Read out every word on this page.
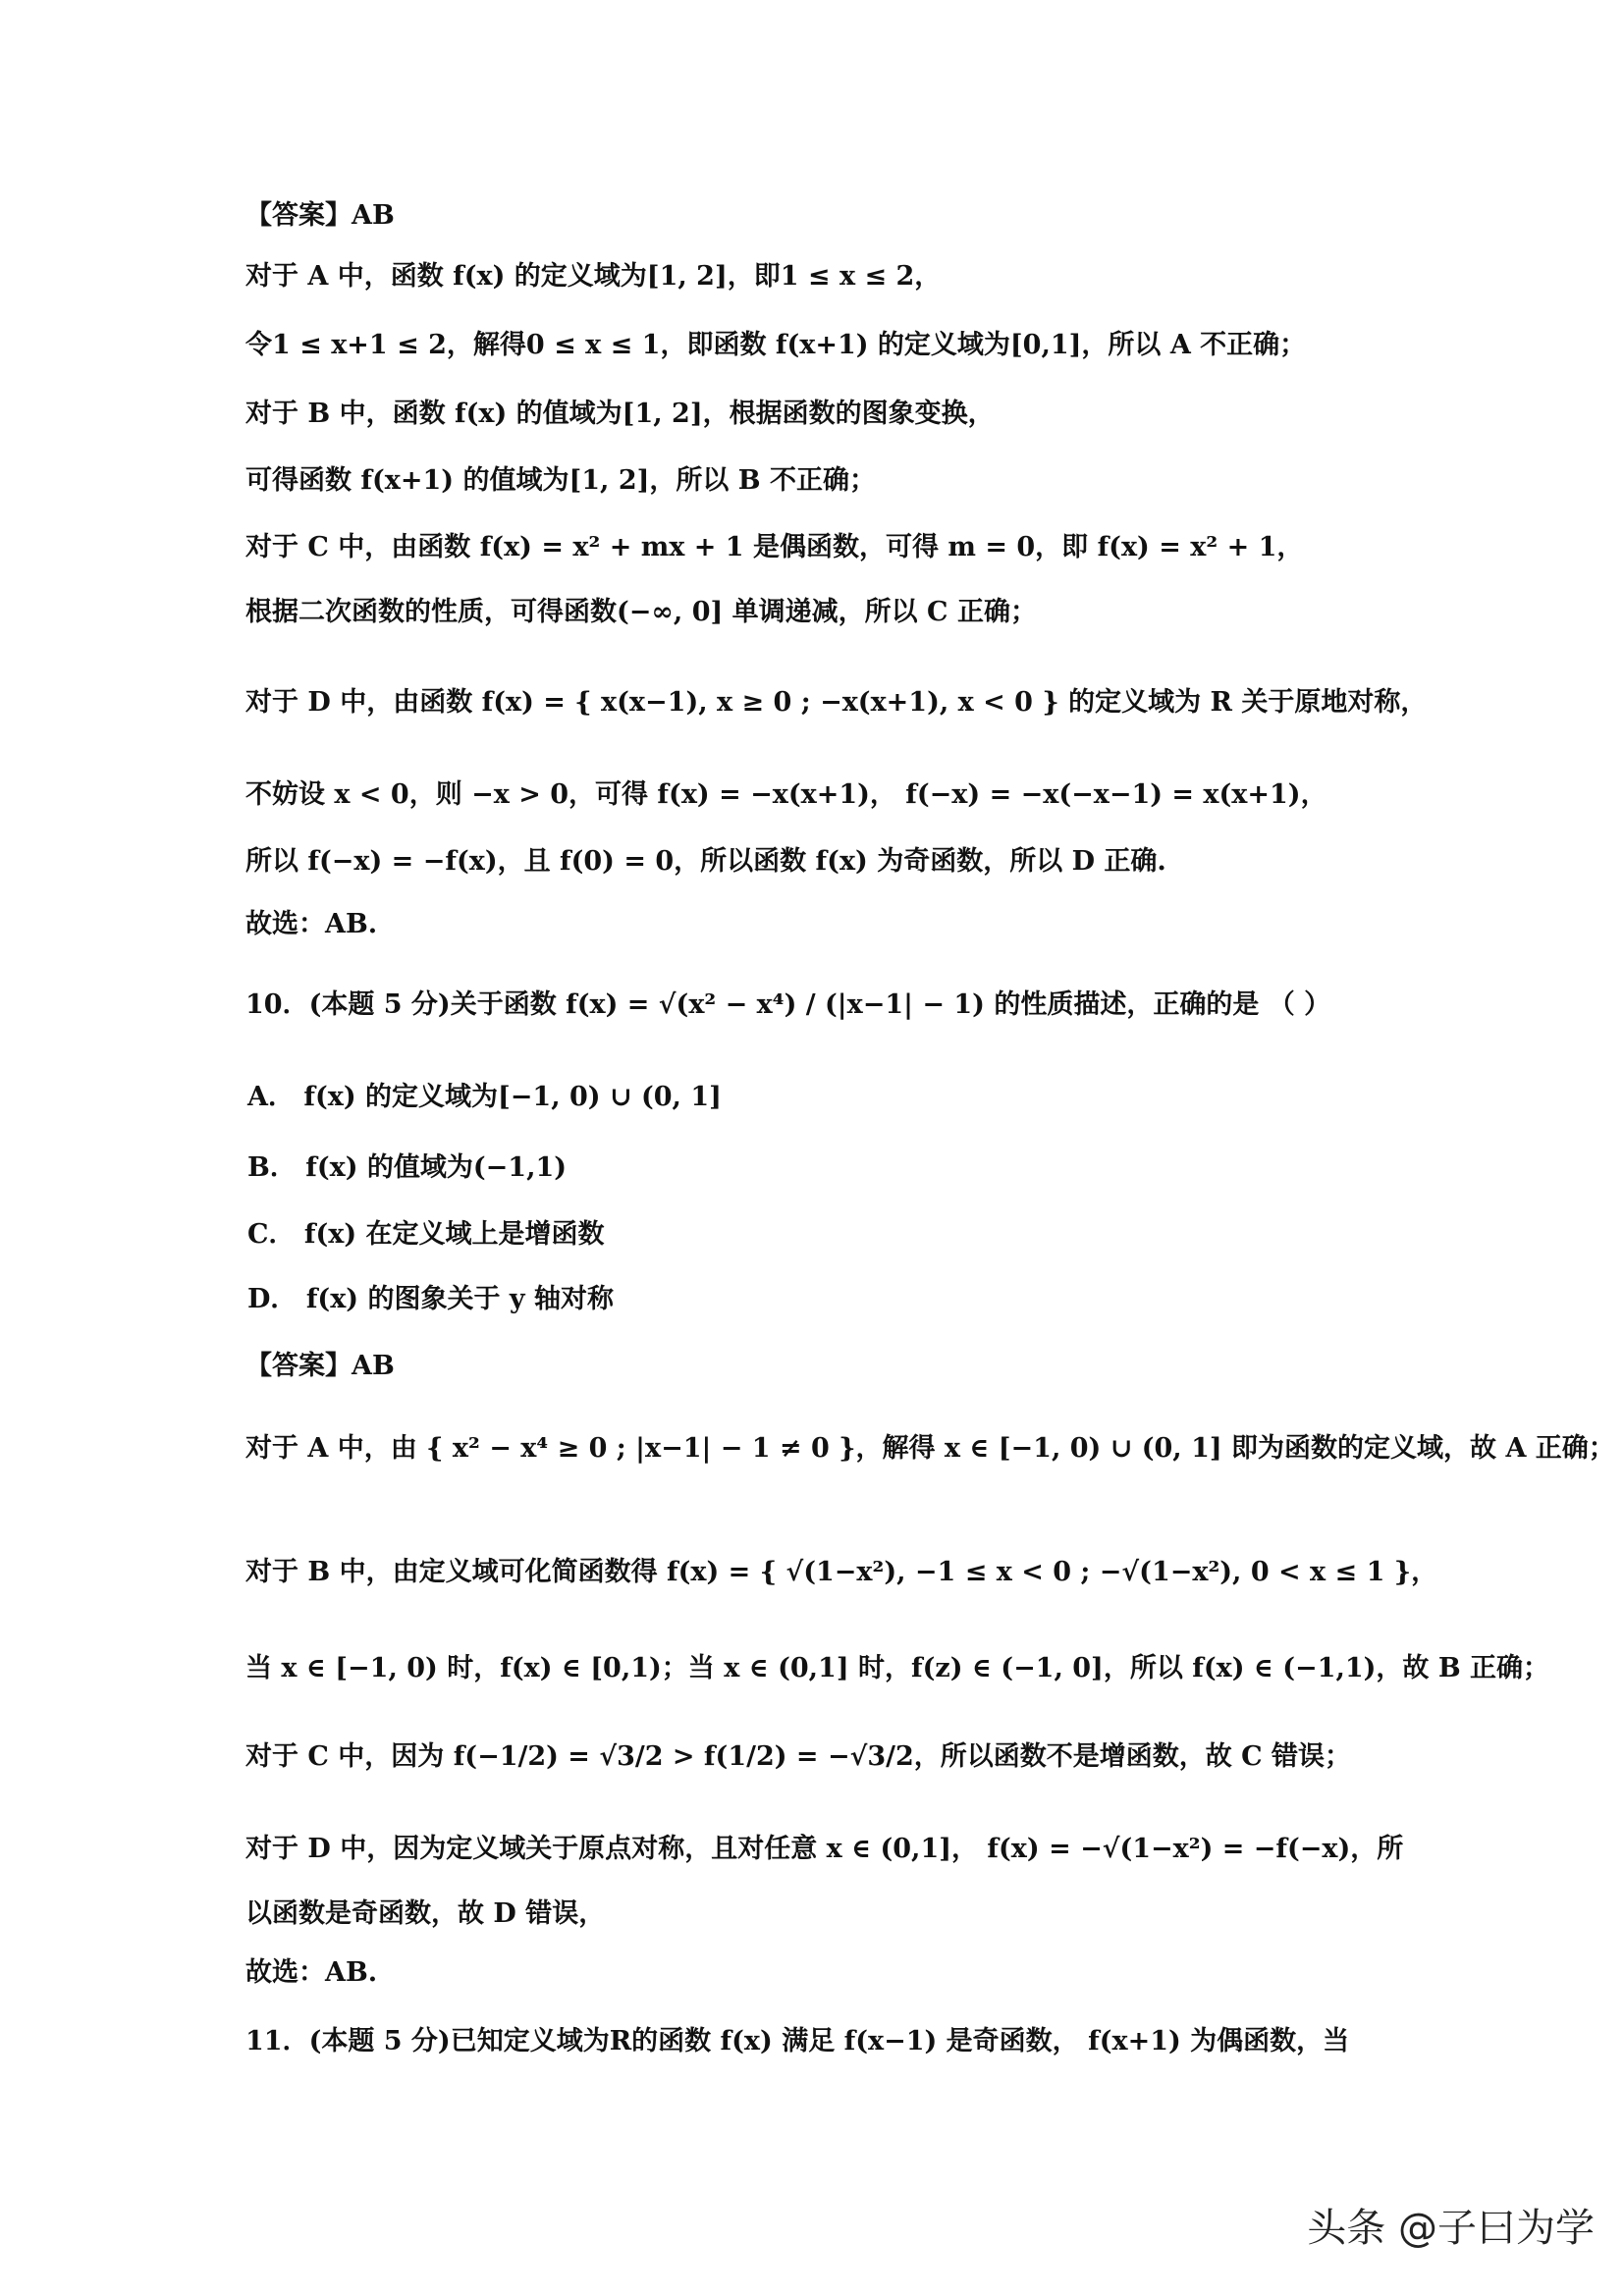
【答案】AB
对于 A 中，函数 f(x) 的定义域为[1, 2]，即1 ≤ x ≤ 2，
令1 ≤ x+1 ≤ 2，解得0 ≤ x ≤ 1，即函数 f(x+1) 的定义域为[0,1]，所以 A 不正确；
对于 B 中，函数 f(x) 的值域为[1, 2]，根据函数的图象变换，
可得函数 f(x+1) 的值域为[1, 2]，所以 B 不正确；
对于 C 中，由函数 f(x) = x² + mx + 1 是偶函数，可得 m = 0，即 f(x) = x² + 1，
根据二次函数的性质，可得函数(−∞, 0] 单调递减，所以 C 正确；
对于 D 中，由函数 f(x) = { x(x−1), x ≥ 0 ; −x(x+1), x < 0 } 的定义域为 R 关于原地对称，
不妨设 x < 0，则 −x > 0，可得 f(x) = −x(x+1)， f(−x) = −x(−x−1) = x(x+1)，
所以 f(−x) = −f(x)，且 f(0) = 0，所以函数 f(x) 为奇函数，所以 D 正确.
故选：AB.
10．(本题 5 分)关于函数 f(x) = √(x² − x⁴) / (|x−1| − 1) 的性质描述，正确的是 （ ）
A． f(x) 的定义域为[−1, 0) ∪ (0, 1]
B． f(x) 的值域为(−1,1)
C． f(x) 在定义域上是增函数
D． f(x) 的图象关于 y 轴对称
【答案】AB
对于 A 中，由 { x² − x⁴ ≥ 0 ; |x−1| − 1 ≠ 0 }，解得 x ∈ [−1, 0) ∪ (0, 1] 即为函数的定义域，故 A 正确；
对于 B 中，由定义域可化简函数得 f(x) = { √(1−x²), −1 ≤ x < 0 ; −√(1−x²), 0 < x ≤ 1 }，
当 x ∈ [−1, 0) 时，f(x) ∈ [0,1)；当 x ∈ (0,1] 时，f(z) ∈ (−1, 0]，所以 f(x) ∈ (−1,1)，故 B 正确；
对于 C 中，因为 f(−1/2) = √3/2 > f(1/2) = −√3/2，所以函数不是增函数，故 C 错误；
对于 D 中，因为定义域关于原点对称，且对任意 x ∈ (0,1]， f(x) = −√(1−x²) = −f(−x)，所
以函数是奇函数，故 D 错误，
故选：AB.
11．(本题 5 分)已知定义域为R的函数 f(x) 满足 f(x−1) 是奇函数， f(x+1) 为偶函数，当
头条 @子曰为学
